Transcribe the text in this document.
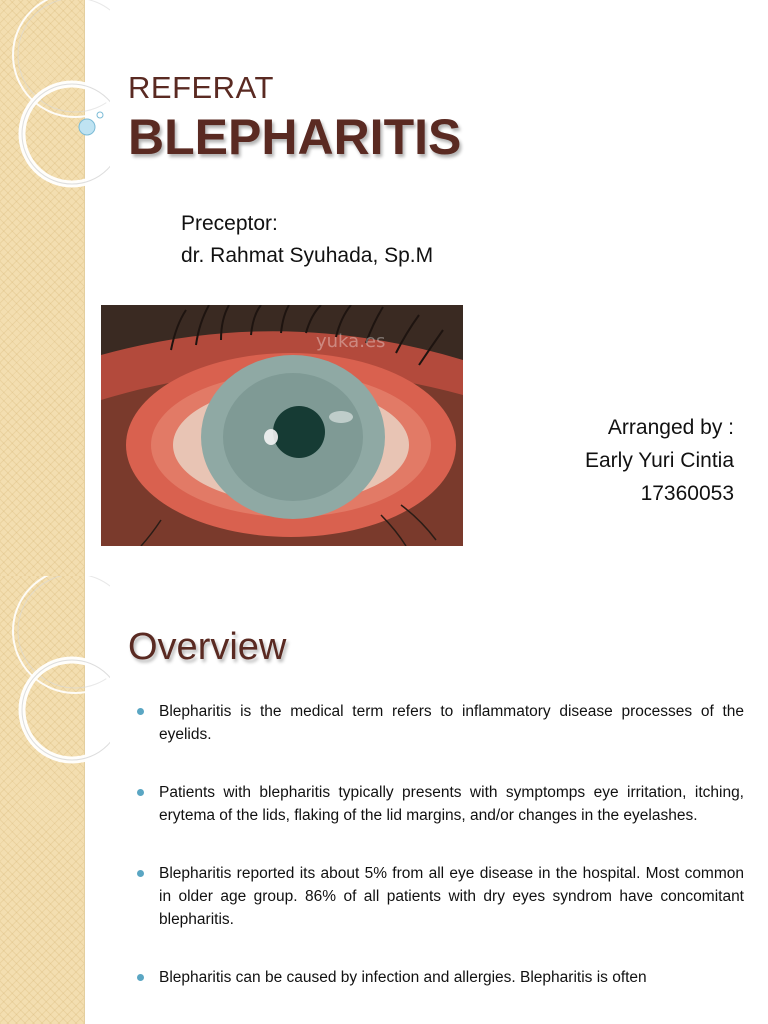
REFERAT
BLEPHARITIS
Preceptor:
dr. Rahmat Syuhada, Sp.M
yuka.es
Arranged by :
Early Yuri Cintia
17360053
Overview
Blepharitis is the medical term refers to inflammatory disease processes of the eyelids.
Patients with blepharitis typically presents with symptomps eye irritation, itching, erytema of the lids, flaking of the lid margins, and/or changes in the eyelashes.
Blepharitis reported its about 5% from all eye disease in the hospital. Most common in older age group. 86% of all patients with dry eyes syndrom have concomitant blepharitis.
Blepharitis can be caused by infection and allergies. Blepharitis is often
